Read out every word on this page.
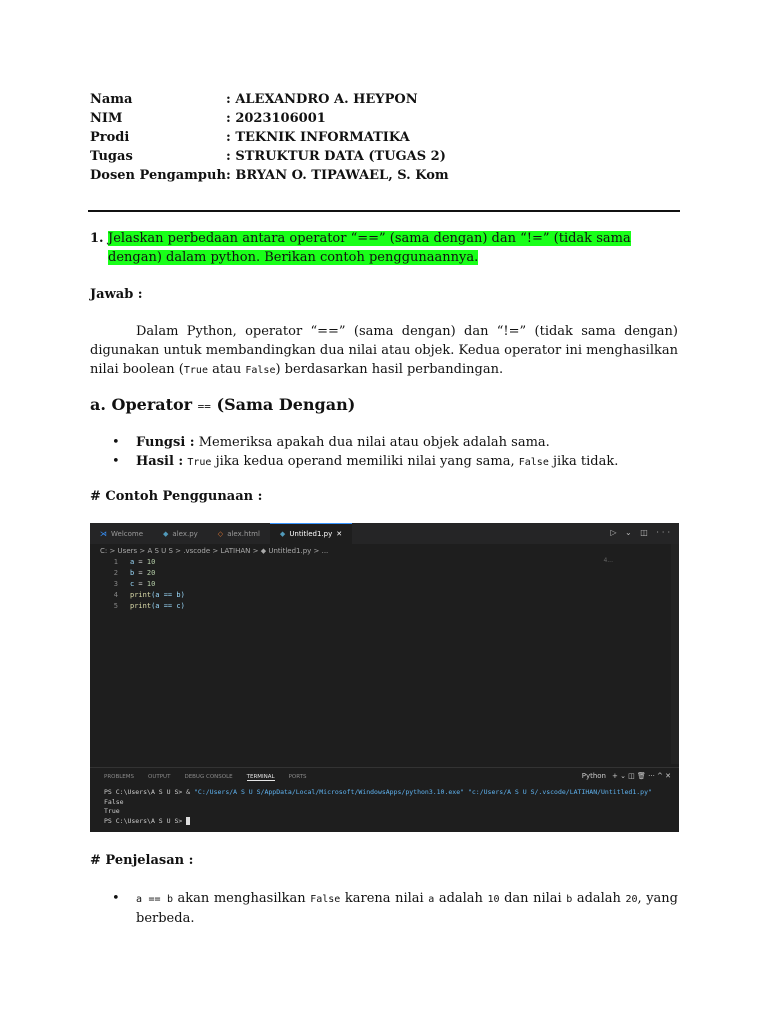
Nama	: ALEXANDRO A. HEYPON
NIM	: 2023106001
Prodi	: TEKNIK INFORMATIKA
Tugas	: STRUKTUR DATA (TUGAS 2)
Dosen Pengampuh : BRYAN O. TIPAWAEL, S. Kom
1. Jelaskan perbedaan antara operator “==” (sama dengan) dan “!=” (tidak sama dengan) dalam python. Berikan contoh penggunaannya.
Jawab :
Dalam Python, operator “==” (sama dengan) dan “!=” (tidak sama dengan) digunakan untuk membandingkan dua nilai atau objek. Kedua operator ini menghasilkan nilai boolean (True atau False) berdasarkan hasil perbandingan.
a. Operator == (Sama Dengan)
• Fungsi : Memeriksa apakah dua nilai atau objek adalah sama.
• Hasil : True jika kedua operand memiliki nilai yang sama, False jika tidak.
# Contoh Penggunaan :
⋊ Welcome	◆ alex.py	◇ alex.html	◆ Untitled1.py ✕	▷ ⌄ ◫ ···
C: > Users > A S U S > .vscode > LATIHAN > ◆ Untitled1.py > ...
4...
1 a = 10
2 b = 20
3 c = 10
4 print(a == b)
5 print(a == c)
PROBLEMS	OUTPUT	DEBUG CONSOLE	TERMINAL	PORTS	Python + ⌄ ◫ 🗑 ··· ^ ✕
PS C:\Users\A S U S> & "C:/Users/A S U S/AppData/Local/Microsoft/WindowsApps/python3.10.exe" "c:/Users/A S U S/.vscode/LATIHAN/Untitled1.py"
False
True
PS C:\Users\A S U S>
# Penjelasan :
• a == b akan menghasilkan False karena nilai a adalah 10 dan nilai b adalah 20, yang berbeda.
